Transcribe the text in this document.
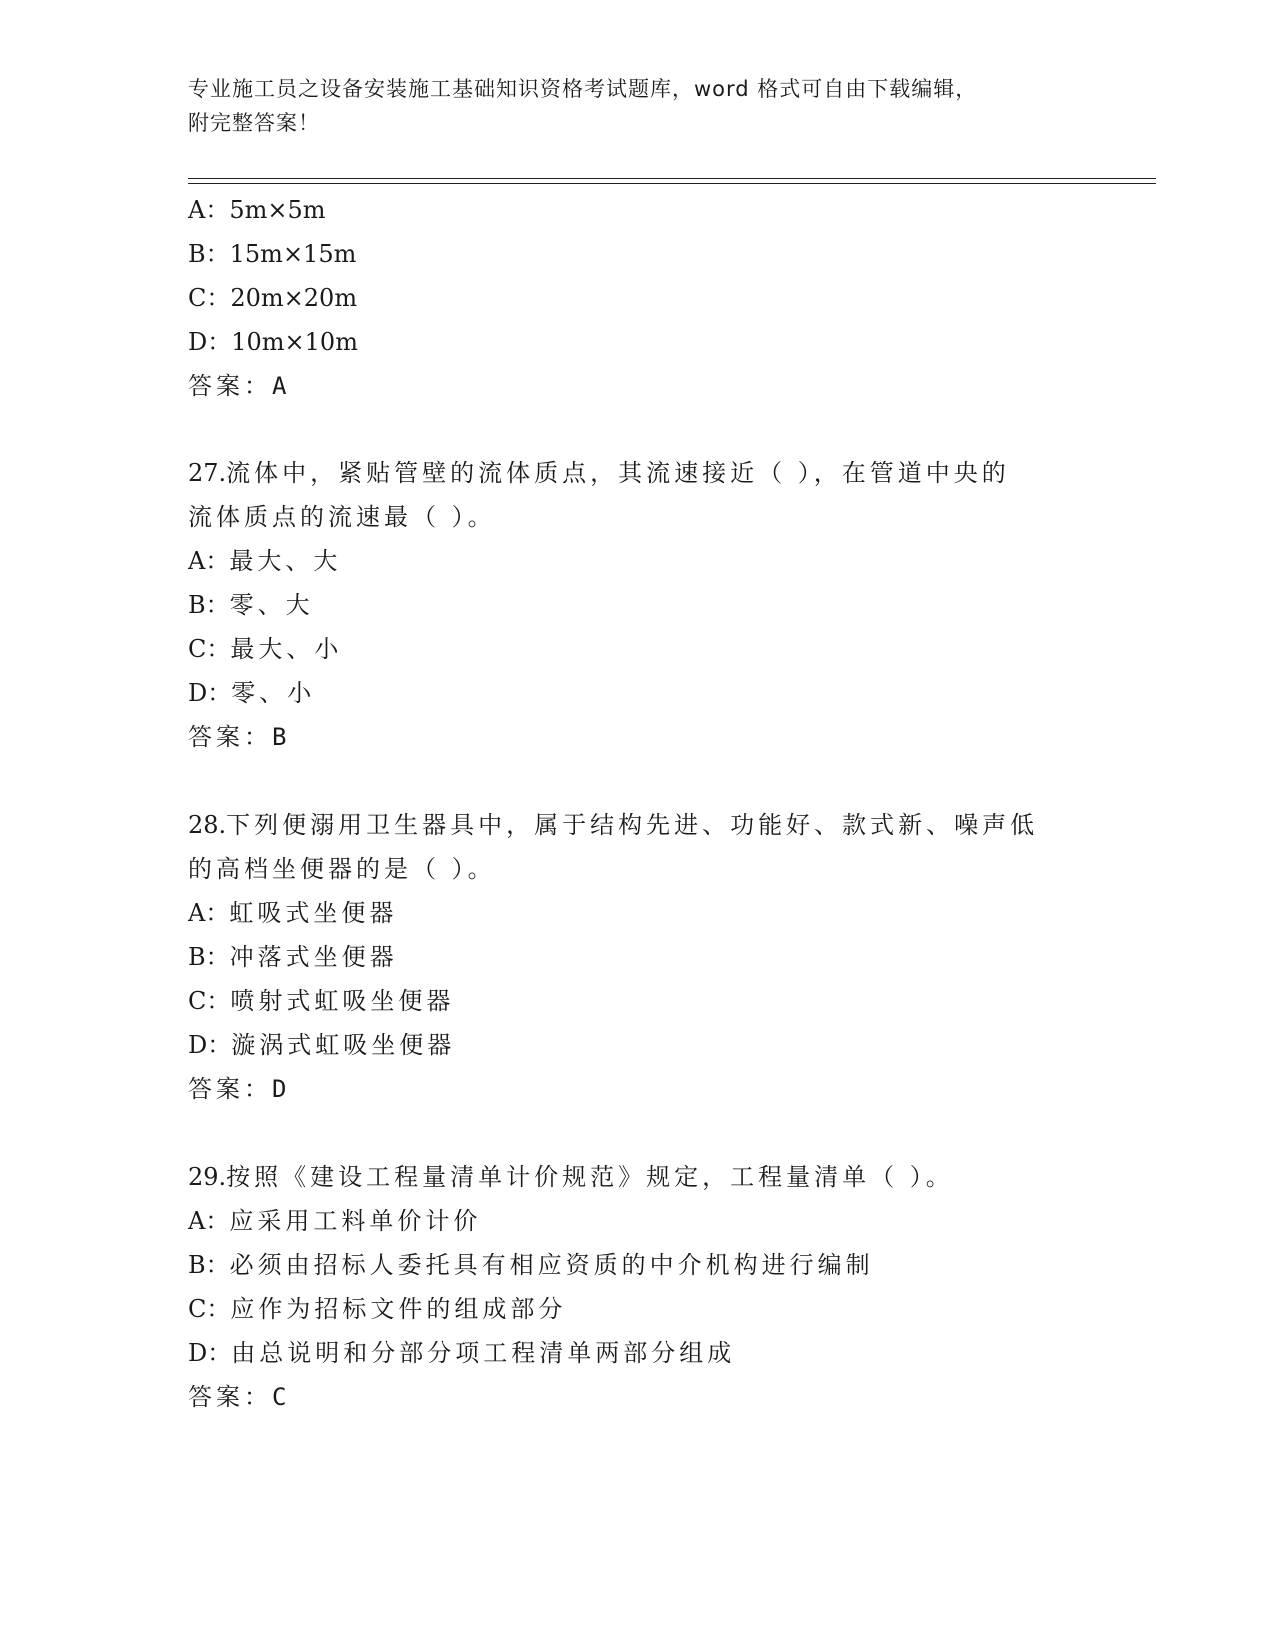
专业施工员之设备安装施工基础知识资格考试题库，word 格式可自由下载编辑，
附完整答案！
A：5m×5m
B：15m×15m
C：20m×20m
D：10m×10m
答案：A
27.流体中，紧贴管壁的流体质点，其流速接近（ ），在管道中央的
流体质点的流速最（ ）。
A：最大、大
B：零、大
C：最大、小
D：零、小
答案：B
28.下列便溺用卫生器具中，属于结构先进、功能好、款式新、噪声低
的高档坐便器的是（ ）。
A：虹吸式坐便器
B：冲落式坐便器
C：喷射式虹吸坐便器
D：漩涡式虹吸坐便器
答案：D
29.按照《建设工程量清单计价规范》规定，工程量清单（ ）。
A：应采用工料单价计价
B：必须由招标人委托具有相应资质的中介机构进行编制
C：应作为招标文件的组成部分
D：由总说明和分部分项工程清单两部分组成
答案：C
